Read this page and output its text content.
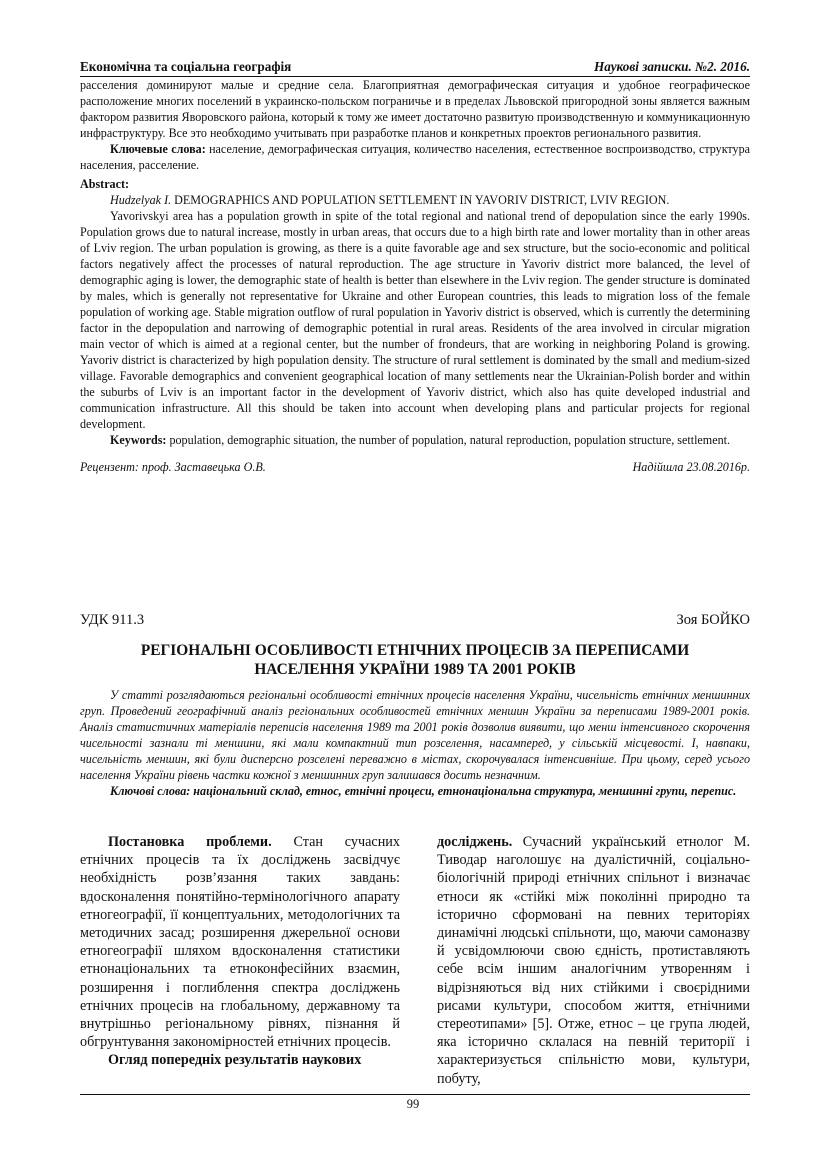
Економічна та соціальна географія	Наукові записки. №2. 2016.

расселения доминируют малые и средние села. Благоприятная демографическая ситуация и удобное географическое расположение многих поселений в украинско-польском пограничье и в пределах Львовской пригородной зоны является важным фактором развития Яворовского района, который к тому же имеет достаточно развитую производственную и коммуникационную инфраструктуру. Все это необходимо учитывать при разработке планов и конкретных проектов регионального развития.

Ключевые слова: население, демографическая ситуация, количество населения, естественное воспроизводство, структура населения, расселение.

Abstract:

Hudzelyak I. DEMOGRAPHICS AND POPULATION SETTLEMENT IN YAVORIV DISTRICT, LVIV REGION.

Yavorivskyi area has a population growth in spite of the total regional and national trend of depopulation since the early 1990s. Population grows due to natural increase, mostly in urban areas, that occurs due to a high birth rate and lower mortality than in other areas of Lviv region. The urban population is growing, as there is a quite favorable age and sex structure, but the socio-economic and political factors negatively affect the processes of natural reproduction. The age structure in Yavoriv district more balanced, the level of demographic aging is lower, the demographic state of health is better than elsewhere in the Lviv region. The gender structure is dominated by males, which is generally not representative for Ukraine and other European countries, this leads to migration loss of the female population of working age. Stable migration outflow of rural population in Yavoriv district is observed, which is currently the determining factor in the depopulation and narrowing of demographic potential in rural areas. Residents of the area involved in circular migration main vector of which is aimed at a regional center, but the number of frondeurs, that are working in neighboring Poland is growing. Yavoriv district is characterized by high population density. The structure of rural settlement is dominated by the small and medium-sized village. Favorable demographics and convenient geographical location of many settlements near the Ukrainian-Polish border and within the suburbs of Lviv is an important factor in the development of Yavoriv district, which also has quite developed industrial and communication infrastructure. All this should be taken into account when developing plans and particular projects for regional development.

Keywords: population, demographic situation, the number of population, natural reproduction, population structure, settlement.

Рецензент: проф. Заставецька О.В.	Надійшла 23.08.2016р.
УДК 911.3	Зоя БОЙКО
РЕГІОНАЛЬНІ ОСОБЛИВОСТІ ЕТНІЧНИХ ПРОЦЕСІВ ЗА ПЕРЕПИСАМИ
НАСЕЛЕННЯ УКРАЇНИ 1989 ТА 2001 РОКІВ
У статті розглядаються регіональні особливості етнічних процесів населення України, чисельність етнічних меншинних груп. Проведений географічний аналіз регіональних особливостей етнічних меншин України за переписами 1989-2001 років. Аналіз статистичних матеріалів переписів населення 1989 та 2001 років дозволив виявити, що менш інтенсивного скорочення чисельності зазнали ті меншини, які мали компактний тип розселення, насамперед, у сільській місцевості. І, навпаки, чисельність меншин, які були дисперсно розселені переважно в містах, скорочувалася інтенсивніше. При цьому, серед усього населення України рівень частки кожної з меншинних груп залишався досить незначним.
Ключові слова: національний склад, етнос, етнічні процеси, етнонаціональна структура, меншинні групи, перепис.

Постановка проблеми. Стан сучасних етнічних процесів та їх досліджень засвідчує необхідність розв’язання таких завдань: вдосконалення понятійно-термінологічного апарату етногеографії, її концептуальних, методологічних та методичних засад; розширення джерельної основи етногеографії шляхом вдосконалення статистики етнонаціональних та етноконфесійних взаємин, розширення і поглиблення спектра досліджень етнічних процесів на глобальному, державному та внутрішньо регіональному рівнях, пізнання й обгрунтування закономірностей етнічних процесів.

Огляд попередніх результатів наукових

досліджень. Сучасний український етнолог М. Тиводар наголошує на дуалістичній, соціально-біологічній природі етнічних спільнот і визначає етноси як «стійкі між поколінні природно та історично сформовані на певних територіях динамічні людські спільноти, що, маючи самоназву й усвідомлюючи свою єдність, протиставляють себе всім іншим аналогічним утворенням і відрізняються від них стійкими і своєрідними рисами культури, способом життя, етнічними стереотипами» [5]. Отже, етнос – це група людей, яка історично склалася на певній території і характеризується спільністю мови, культури, побуту,

99
